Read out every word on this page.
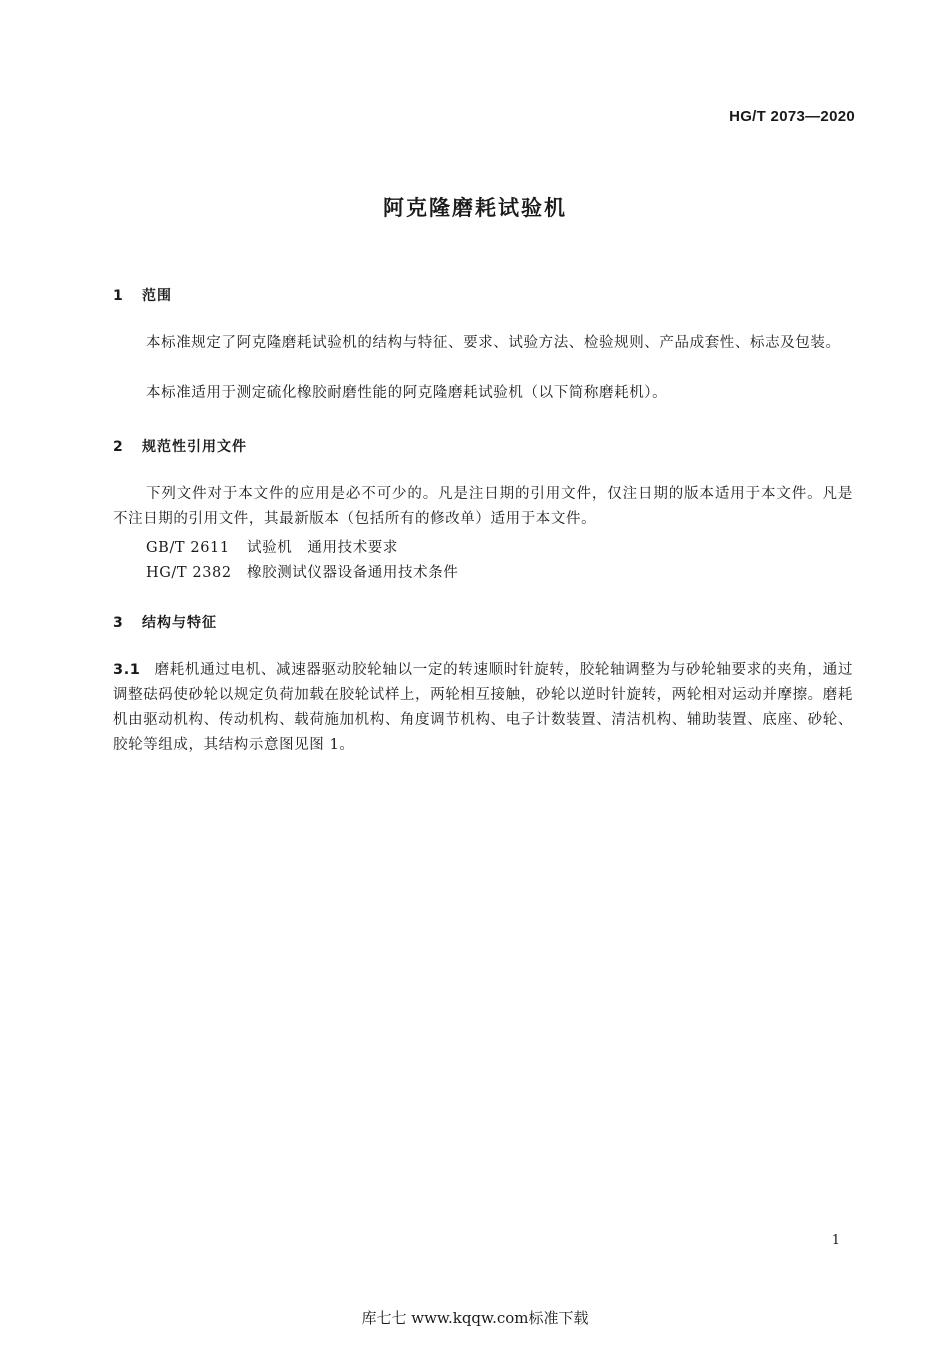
HG/T 2073—2020
阿克隆磨耗试验机
1 范围
本标准规定了阿克隆磨耗试验机的结构与特征、要求、试验方法、检验规则、产品成套性、标志及包装。
本标准适用于测定硫化橡胶耐磨性能的阿克隆磨耗试验机（以下简称磨耗机）。
2 规范性引用文件
下列文件对于本文件的应用是必不可少的。凡是注日期的引用文件，仅注日期的版本适用于本文件。凡是不注日期的引用文件，其最新版本（包括所有的修改单）适用于本文件。
GB/T 2611 试验机　通用技术要求
HG/T 2382 橡胶测试仪器设备通用技术条件
3 结构与特征
3.1 磨耗机通过电机、减速器驱动胶轮轴以一定的转速顺时针旋转，胶轮轴调整为与砂轮轴要求的夹角，通过调整砝码使砂轮以规定负荷加载在胶轮试样上，两轮相互接触，砂轮以逆时针旋转，两轮相对运动并摩擦。磨耗机由驱动机构、传动机构、载荷施加机构、角度调节机构、电子计数装置、清洁机构、辅助装置、底座、砂轮、胶轮等组成，其结构示意图见图 1。
1
库七七 www.kqqw.com标准下载
